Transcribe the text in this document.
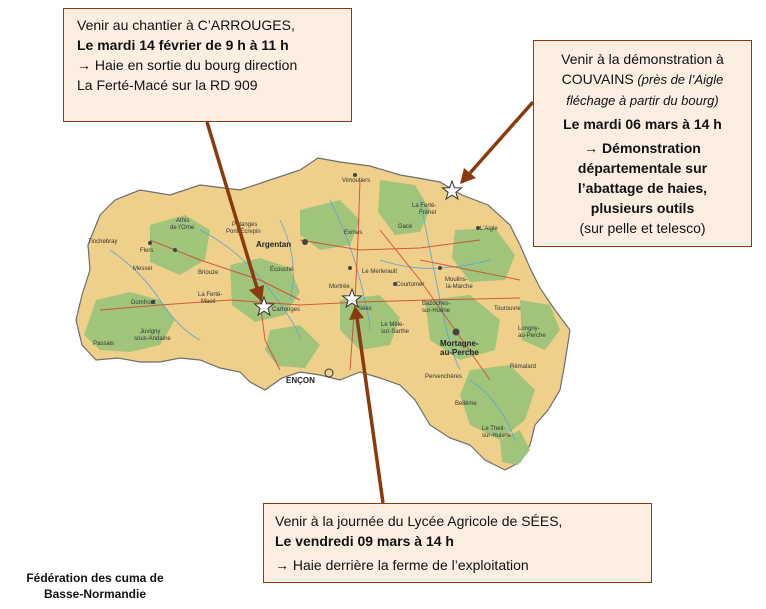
Tinchebray
Flers
Messei
Athis
de l’Orne
Briouze
Putanges
Pont-Écrepin
Argentan
Écouché
Domfront
La Ferté-
Macé
Juvigny
sous-Andaine
Passais
Carrouges
Vimoutiers
Exmes
Gacé
Le Merlerault
Mortrée	Courtomer
Sées
La Ferté-
Frênel
L’Aigle
Moulins-
la-Marche
Bazoches-
sur-Hoëne
Le Mêle-
sur-Sarthe
Tourouvre
Longny-
au-Perche
Mortagne-
au-Perche
ENÇON	Pervenchères
Rémalard
Bellême
Le Theil-
sur-Huisne
Venir au chantier à C’ARROUGES,
Le mardi 14 février de 9 h à 11 h
→ Haie en sortie du bourg direction
La Ferté-Macé sur la RD 909
Venir à la démonstration à
COUVAINS (près de l’Aigle
fléchage à partir du bourg)
Le mardi 06 mars à 14 h
→ Démonstration
départementale sur
l’abattage de haies,
plusieurs outils
(sur pelle et telesco)
Venir à la journée du Lycée Agricole de SÉES,
Le vendredi 09 mars à 14 h
→ Haie derrière la ferme de l’exploitation
Fédération des cuma de
Basse-Normandie
